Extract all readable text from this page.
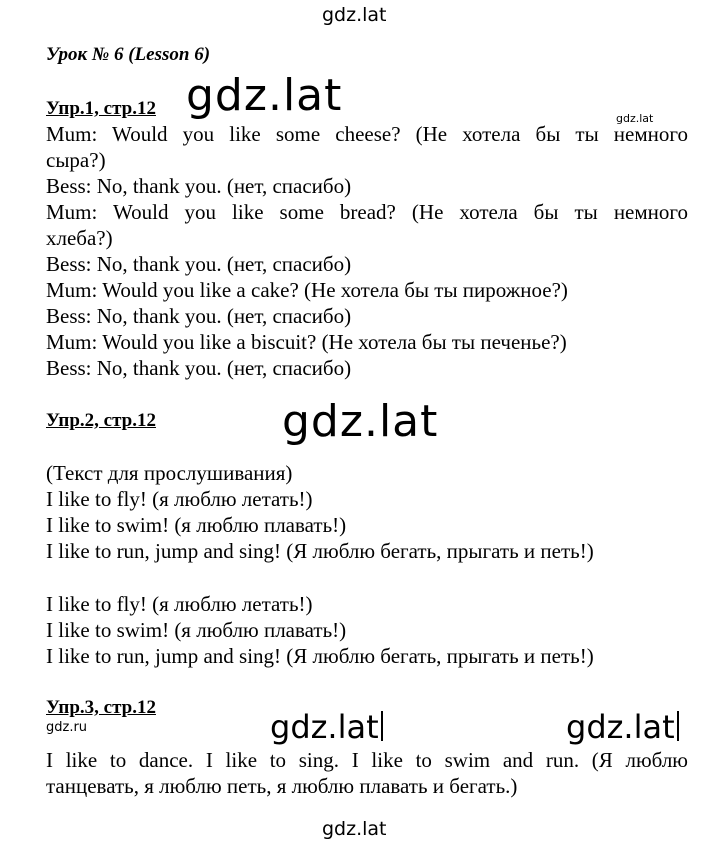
gdz.lat
Урок № 6 (Lesson 6)
Упр.1, стр.12 gdz.lat	gdz.lat
Mum: Would you like some cheese? (Не хотела бы ты немного
сыра?)
Bess: No, thank you. (нет, спасибо)
Mum: Would you like some bread? (Не хотела бы ты немного
хлеба?)
Bess: No, thank you. (нет, спасибо)
Mum: Would you like a cake? (Не хотела бы ты пирожное?)
Bess: No, thank you. (нет, спасибо)
Mum: Would you like a biscuit? (Не хотела бы ты печенье?)
Bess: No, thank you. (нет, спасибо)
Упр.2, стр.12	gdz.lat
(Текст для прослушивания)
I like to fly! (я люблю летать!)
I like to swim! (я люблю плавать!)
I like to run, jump and sing! (Я люблю бегать, прыгать и петь!)
I like to fly! (я люблю летать!)
I like to swim! (я люблю плавать!)
I like to run, jump and sing! (Я люблю бегать, прыгать и петь!)
Упр.3, стр.12
gdz.ru	gdz.lat	gdz.lat
I like to dance. I like to sing. I like to swim and run. (Я люблю
танцевать, я люблю петь, я люблю плавать и бегать.)
gdz.lat
